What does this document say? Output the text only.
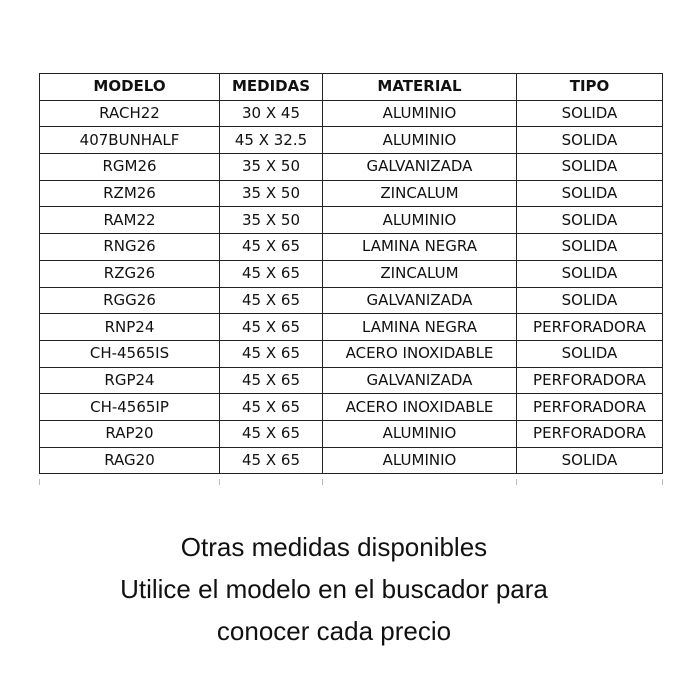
MODELO	MEDIDAS	MATERIAL	TIPO
RACH22	30 X 45	ALUMINIO	SOLIDA
407BUNHALF	45 X 32.5	ALUMINIO	SOLIDA
RGM26	35 X 50	GALVANIZADA	SOLIDA
RZM26	35 X 50	ZINCALUM	SOLIDA
RAM22	35 X 50	ALUMINIO	SOLIDA
RNG26	45 X 65	LAMINA NEGRA	SOLIDA
RZG26	45 X 65	ZINCALUM	SOLIDA
RGG26	45 X 65	GALVANIZADA	SOLIDA
RNP24	45 X 65	LAMINA NEGRA	PERFORADORA
CH-4565IS	45 X 65	ACERO INOXIDABLE	SOLIDA
RGP24	45 X 65	GALVANIZADA	PERFORADORA
CH-4565IP	45 X 65	ACERO INOXIDABLE	PERFORADORA
RAP20	45 X 65	ALUMINIO	PERFORADORA
RAG20	45 X 65	ALUMINIO	SOLIDA
Otras medidas disponibles
Utilice el modelo en el buscador para
conocer cada precio
